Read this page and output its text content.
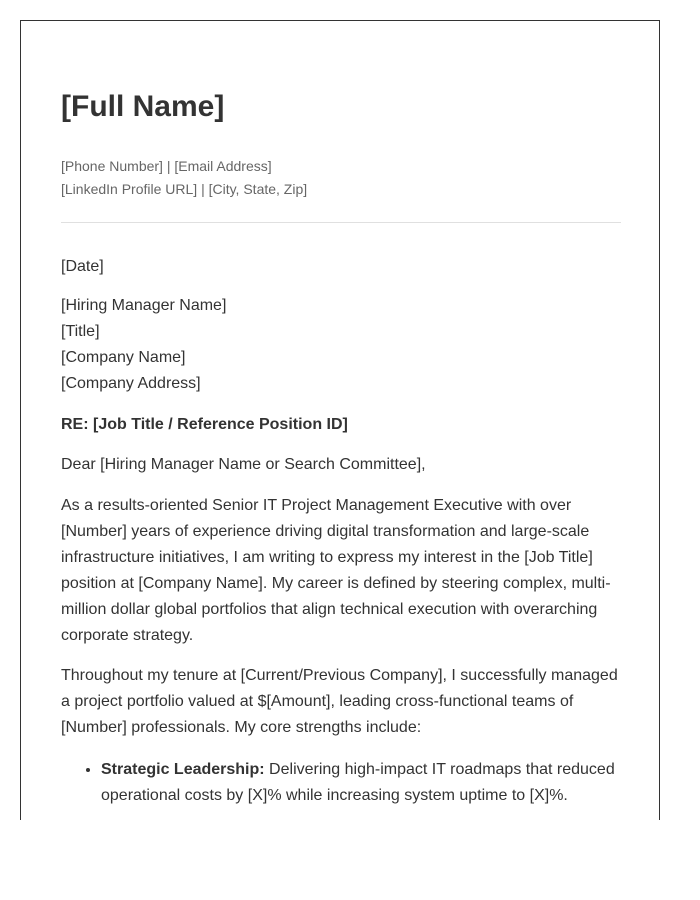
[Full Name]
[Phone Number] | [Email Address]
[LinkedIn Profile URL] | [City, State, Zip]
[Date]
[Hiring Manager Name]
[Title]
[Company Name]
[Company Address]
RE: [Job Title / Reference Position ID]
Dear [Hiring Manager Name or Search Committee],
As a results-oriented Senior IT Project Management Executive with over [Number] years of experience driving digital transformation and large-scale infrastructure initiatives, I am writing to express my interest in the [Job Title] position at [Company Name]. My career is defined by steering complex, multi-million dollar global portfolios that align technical execution with overarching corporate strategy.
Throughout my tenure at [Current/Previous Company], I successfully managed a project portfolio valued at $[Amount], leading cross-functional teams of [Number] professionals. My core strengths include:
• Strategic Leadership: Delivering high-impact IT roadmaps that reduced operational costs by [X]% while increasing system uptime to [X]%.
